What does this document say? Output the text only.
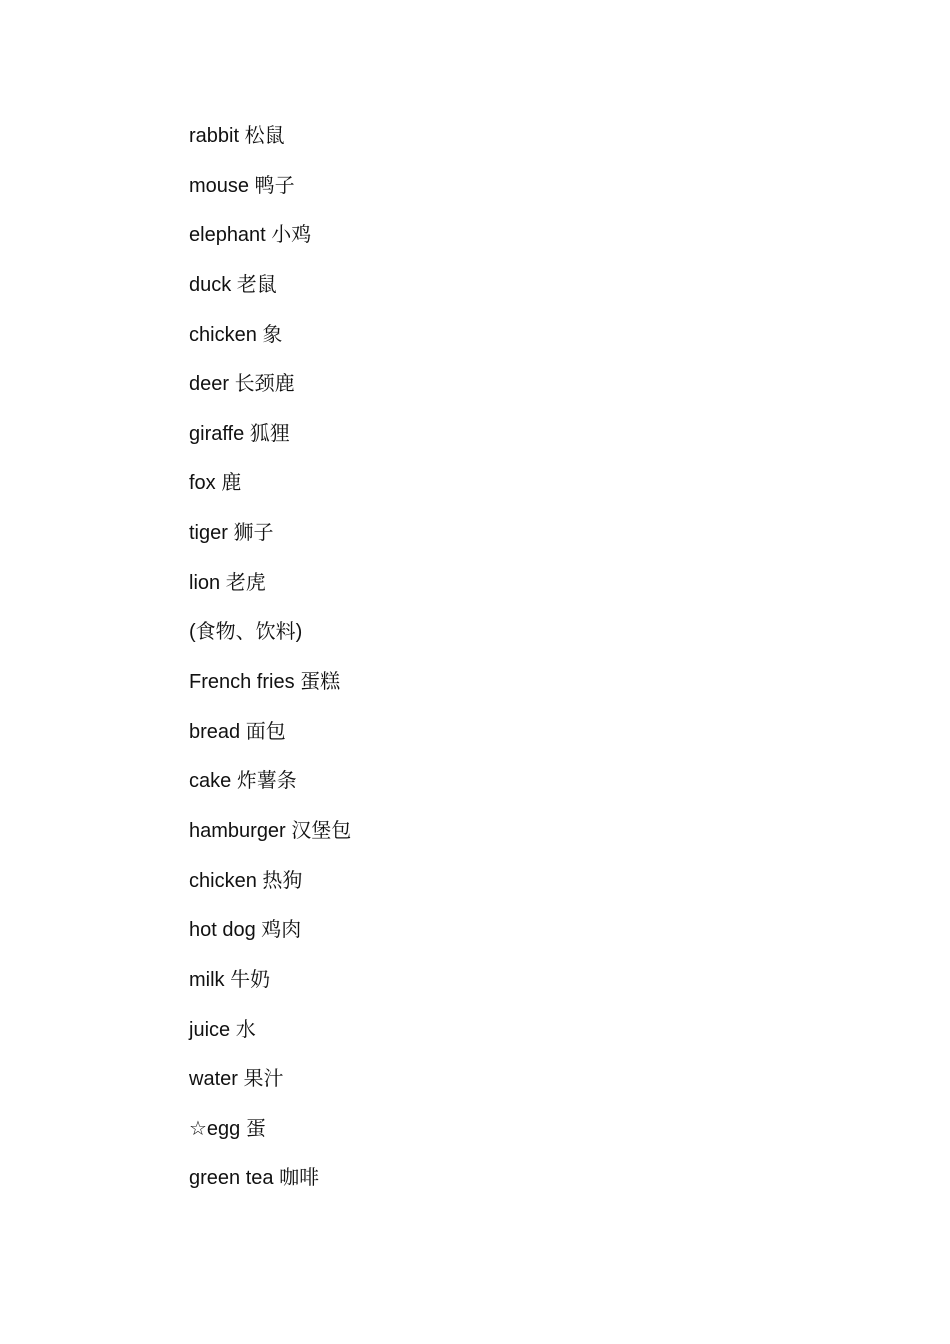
rabbit 松鼠
mouse 鸭子
elephant 小鸡
duck 老鼠
chicken 象
deer 长颈鹿
giraffe 狐狸
fox 鹿
tiger 狮子
lion 老虎
(食物、饮料)
French fries 蛋糕
bread 面包
cake 炸薯条
hamburger 汉堡包
chicken 热狗
hot dog 鸡肉
milk 牛奶
juice 水
water 果汁
☆egg 蛋
green tea 咖啡
